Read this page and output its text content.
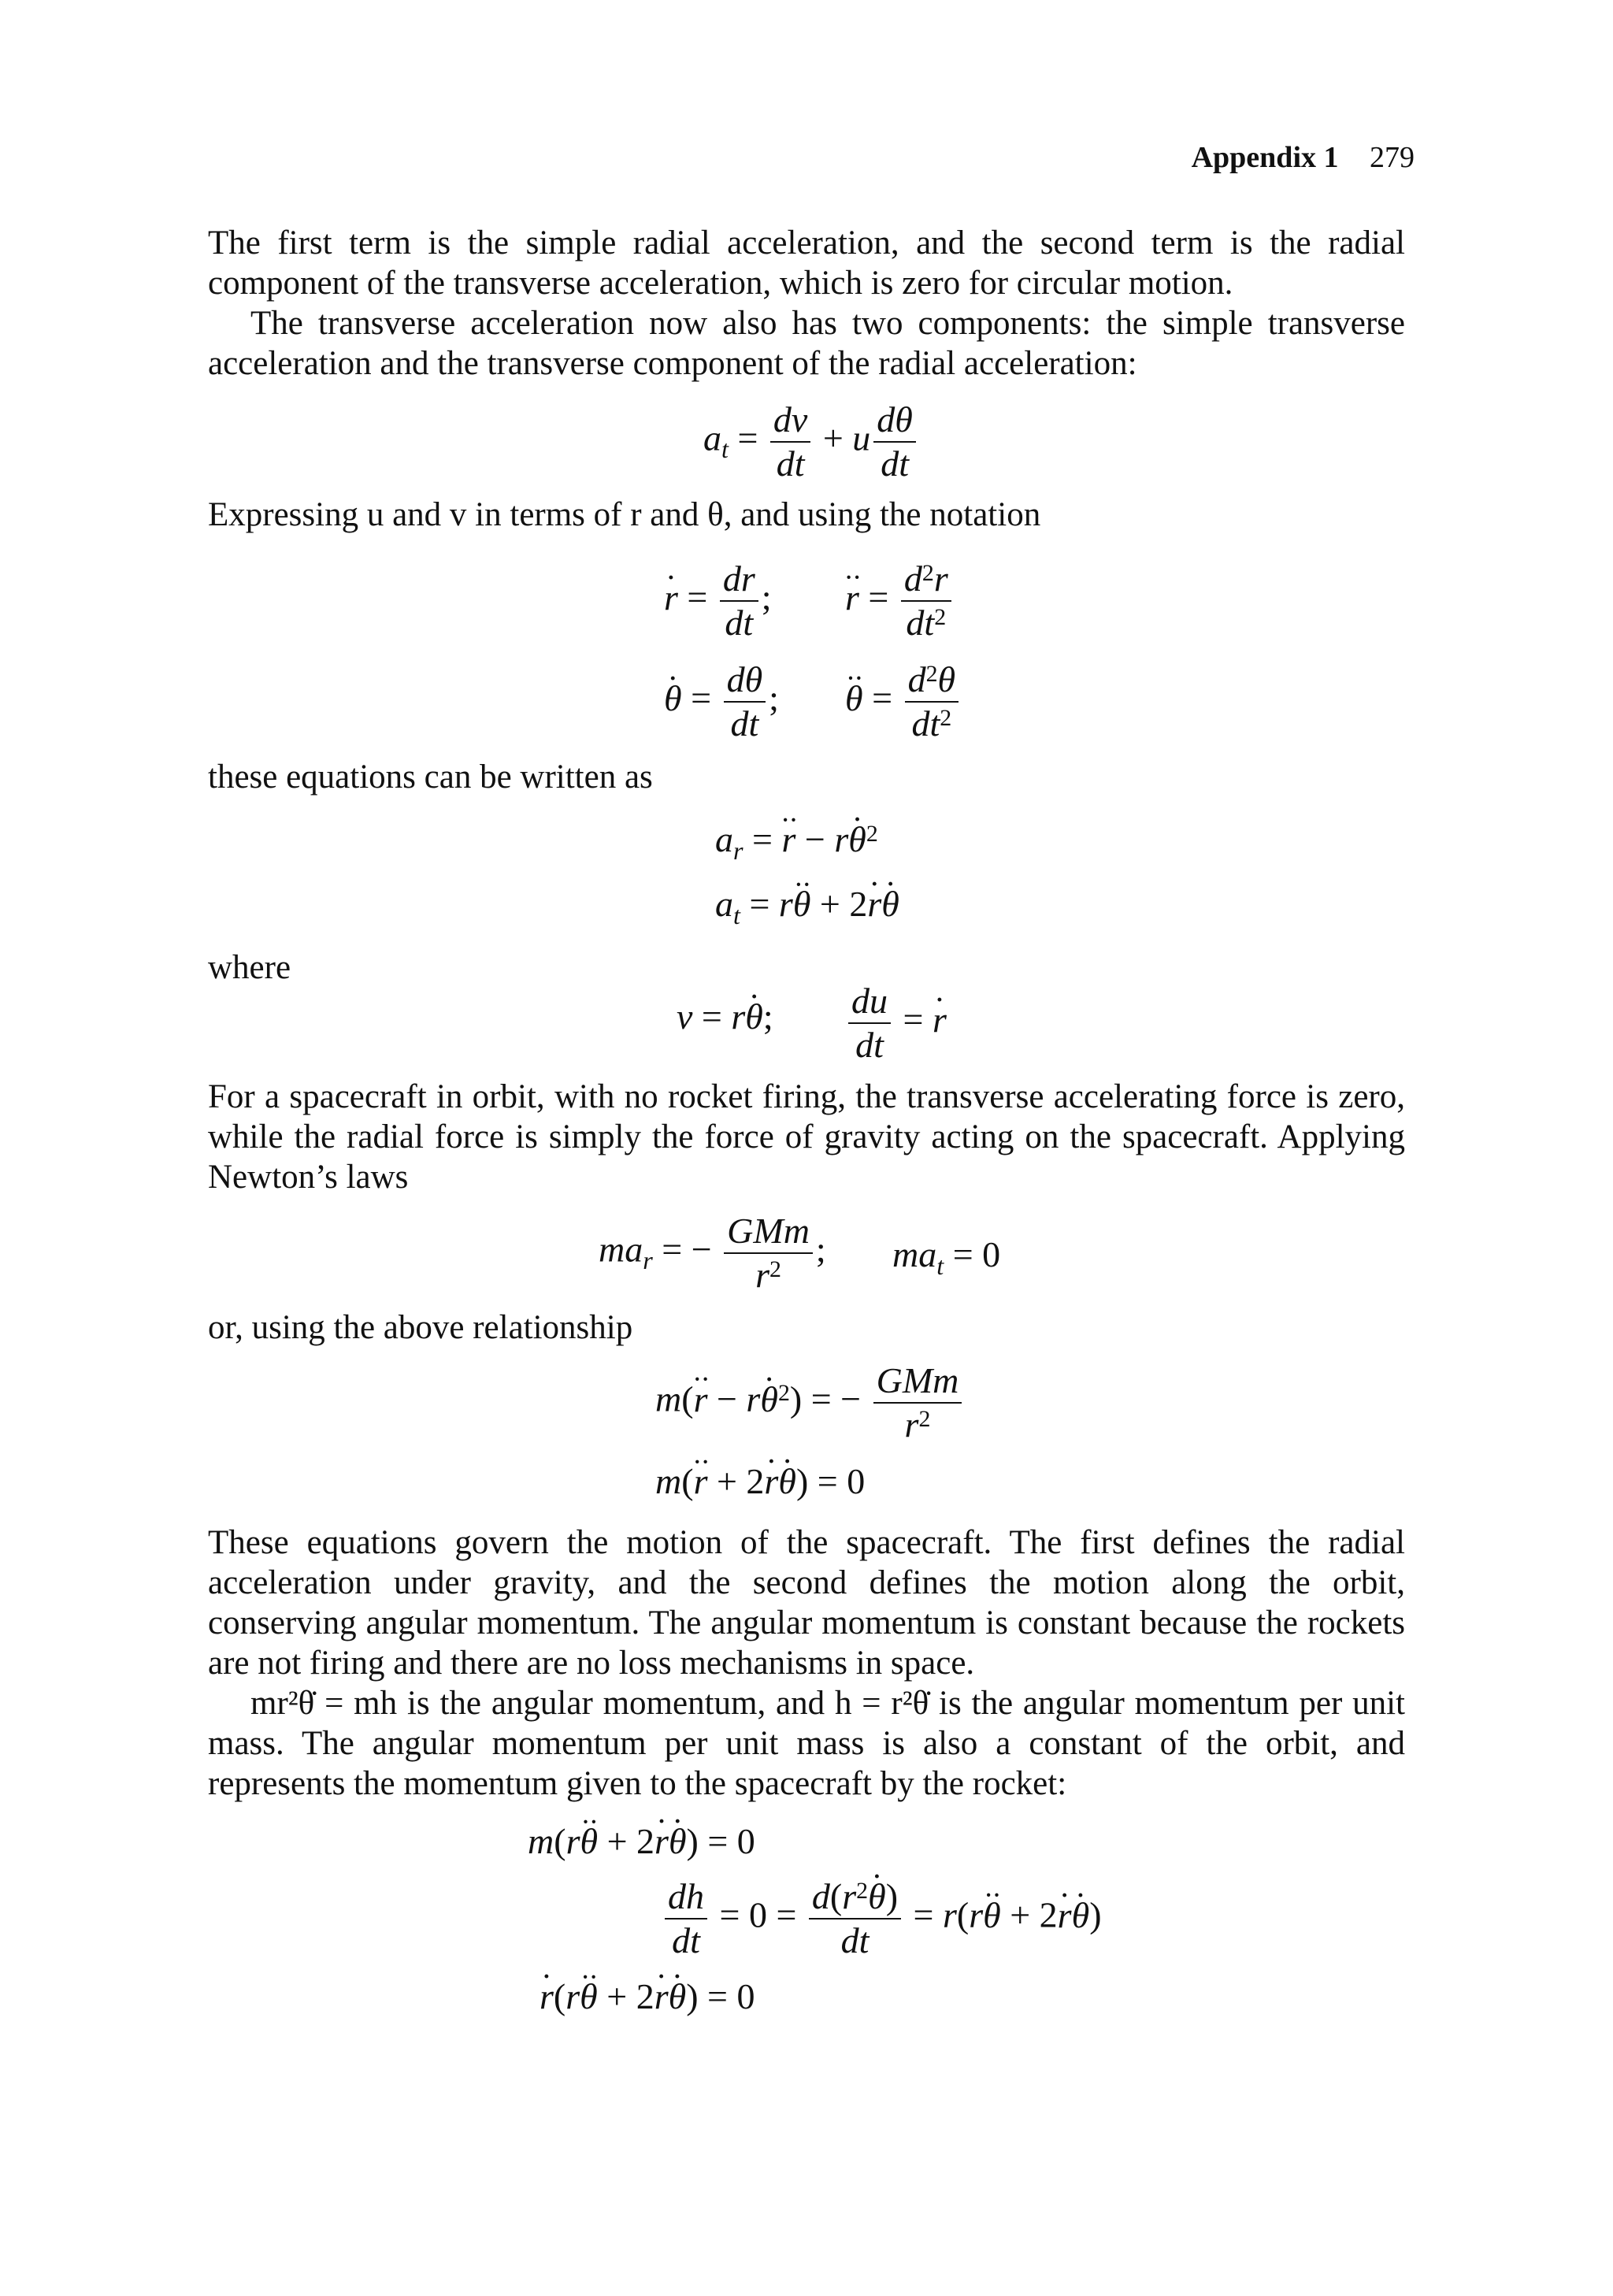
Appendix 1 279

The first term is the simple radial acceleration, and the second term is the radial component of the transverse acceleration, which is zero for circular motion.

The transverse acceleration now also has two components: the simple transverse acceleration and the transverse component of the radial acceleration:

$a_t = \frac{dv}{dt} + u \frac{d\theta}{dt}$

Expressing u and v in terms of r and θ, and using the notation

r · = $\frac{dr}{dt}$ ; r ·· = $\frac{d^2r}{dt^2}$
θ · = $\frac{d\theta}{dt}$ ; θ ·· = $\frac{d^2\theta}{dt^2}$

these equations can be written as

$a_r = r$ ·· − rθ ·$^2$
$a_t = r\theta$ ·· + 2r ·θ ·

where

v = rθ ·; $\frac{du}{dt} = r$ ·

For a spacecraft in orbit, with no rocket firing, the transverse accelerating force is zero, while the radial force is simply the force of gravity acting on the spacecraft. Applying Newton’s laws

$ma_r$ = − $\frac{\text{GMm}}{r^2}$ ; $ma_t = 0$

or, using the above relationship

m(r ·· − rθ ·$^2$) = − $\frac{\text{GMm}}{r^2}$
m(r ·· + 2r ·θ ·) = 0

These equations govern the motion of the spacecraft. The first defines the radial acceleration under gravity, and the second defines the motion along the orbit, conserving angular momentum. The angular momentum is constant because the rockets are not firing and there are no loss mechanisms in space.

mr²θ̇ = mh is the angular momentum, and h = r²θ̇ is the angular momentum per unit mass. The angular momentum per unit mass is also a constant of the orbit, and represents the momentum given to the spacecraft by the rocket:

m(rθ ·· + 2r ·θ ·) = 0
$\frac{dh}{dt} = 0 = \frac{d(r^2\theta \cdot)}{dt} = r(r\theta$ ·· + 2r ·θ ·)
r ·(rθ ·· + 2r ·θ ·) = 0
